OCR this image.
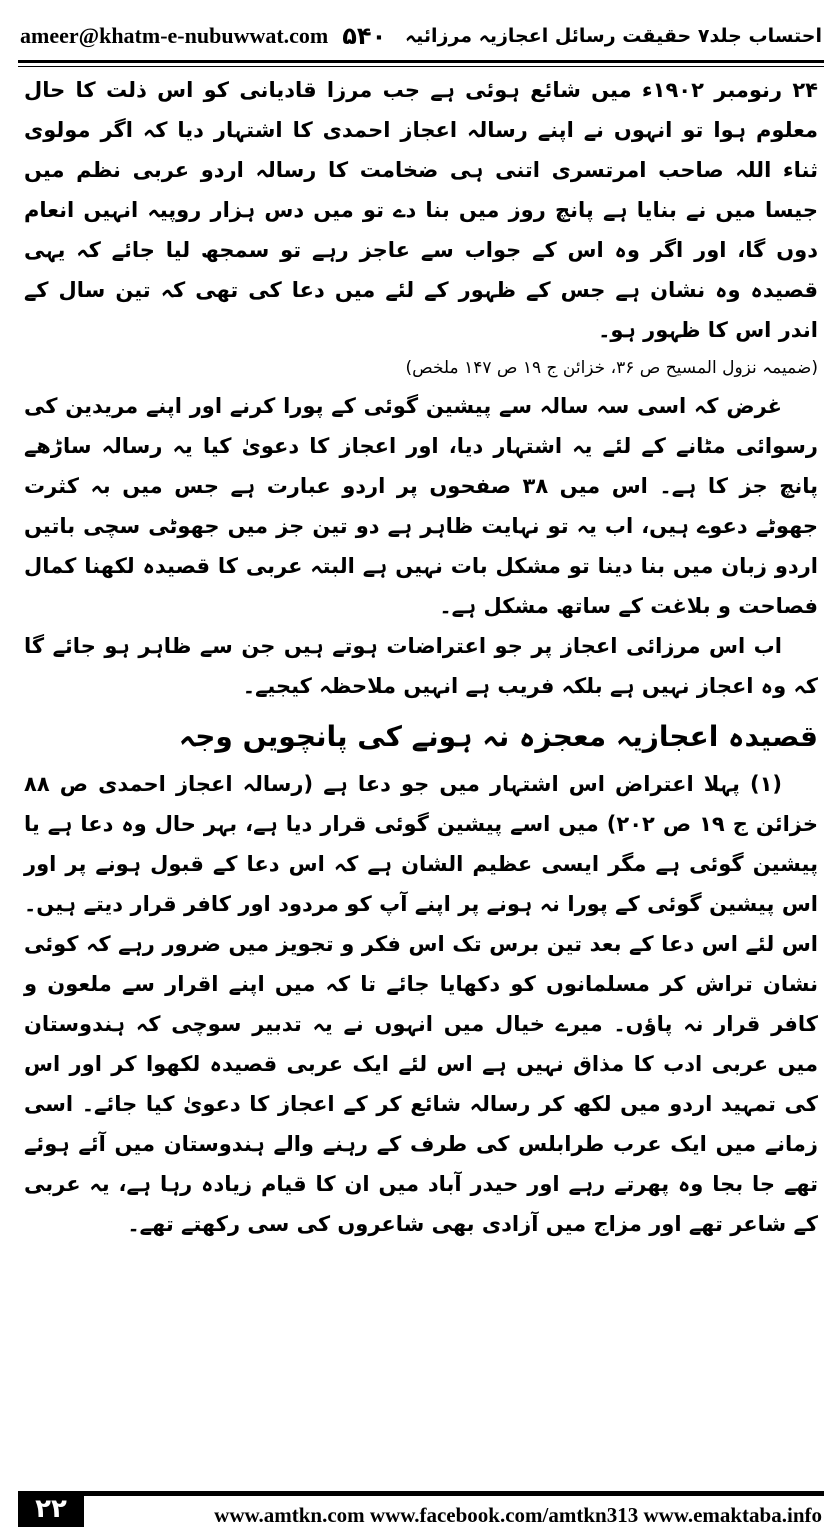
ameer@khatm-e-nubuwwat.com ۵۴۰ احتساب جلد۷ حقیقت رسائل اعجازیہ مرزائیہ

۲۴ رنومبر ۱۹۰۲ء میں شائع ہوئی ہے جب مرزا قادیانی کو اس ذلت کا حال معلوم ہوا تو انہوں نے اپنے رسالہ اعجاز احمدی کا اشتہار دیا کہ اگر مولوی ثناء اللہ صاحب امرتسری اتنی ہی ضخامت کا رسالہ اردو عربی نظم میں جیسا میں نے بنایا ہے پانچ روز میں بنا دے تو میں دس ہزار روپیہ انہیں انعام دوں گا، اور اگر وہ اس کے جواب سے عاجز رہے تو سمجھ لیا جائے کہ یہی قصیدہ وہ نشان ہے جس کے ظہور کے لئے میں دعا کی تھی کہ تین سال کے اندر اس کا ظہور ہو۔

(ضمیمہ نزول المسیح ص ۳۶، خزائن ج ۱۹ ص ۱۴۷ ملخص)

غرض کہ اسی سہ سالہ سے پیشین گوئی کے پورا کرنے اور اپنے مریدین کی رسوائی مٹانے کے لئے یہ اشتہار دیا، اور اعجاز کا دعویٰ کیا یہ رسالہ ساڑھے پانچ جز کا ہے۔ اس میں ۳۸ صفحوں پر اردو عبارت ہے جس میں بہ کثرت جھوٹے دعوے ہیں، اب یہ تو نہایت ظاہر ہے دو تین جز میں جھوٹی سچی باتیں اردو زبان میں بنا دینا تو مشکل بات نہیں ہے البتہ عربی کا قصیدہ لکھنا کمال فصاحت و بلاغت کے ساتھ مشکل ہے۔

اب اس مرزائی اعجاز پر جو اعتراضات ہوتے ہیں جن سے ظاہر ہو جائے گا کہ وہ اعجاز نہیں ہے بلکہ فریب ہے انہیں ملاحظہ کیجیے۔

قصیدہ اعجازیہ معجزہ نہ ہونے کی پانچویں وجہ

(۱) پہلا اعتراض اس اشتہار میں جو دعا ہے (رسالہ اعجاز احمدی ص ۸۸ خزائن ج ۱۹ ص ۲۰۲) میں اسے پیشین گوئی قرار دیا ہے، بہر حال وہ دعا ہے یا پیشین گوئی ہے مگر ایسی عظیم الشان ہے کہ اس دعا کے قبول ہونے پر اور اس پیشین گوئی کے پورا نہ ہونے پر اپنے آپ کو مردود اور کافر قرار دیتے ہیں۔ اس لئے اس دعا کے بعد تین برس تک اس فکر و تجویز میں ضرور رہے کہ کوئی نشان تراش کر مسلمانوں کو دکھایا جائے تا کہ میں اپنے اقرار سے ملعون و کافر قرار نہ پاؤں۔ میرے خیال میں انہوں نے یہ تدبیر سوچی کہ ہندوستان میں عربی ادب کا مذاق نہیں ہے اس لئے ایک عربی قصیدہ لکھوا کر اور اس کی تمہید اردو میں لکھ کر رسالہ شائع کر کے اعجاز کا دعویٰ کیا جائے۔ اسی زمانے میں ایک عرب طرابلس کی طرف کے رہنے والے ہندوستان میں آئے ہوئے تھے جا بجا وہ پھرتے رہے اور حیدر آباد میں ان کا قیام زیادہ رہا ہے، یہ عربی کے شاعر تھے اور مزاج میں آزادی بھی شاعروں کی سی رکھتے تھے۔

۲۲	www.amtkn.com www.facebook.com/amtkn313 www.emaktaba.info
